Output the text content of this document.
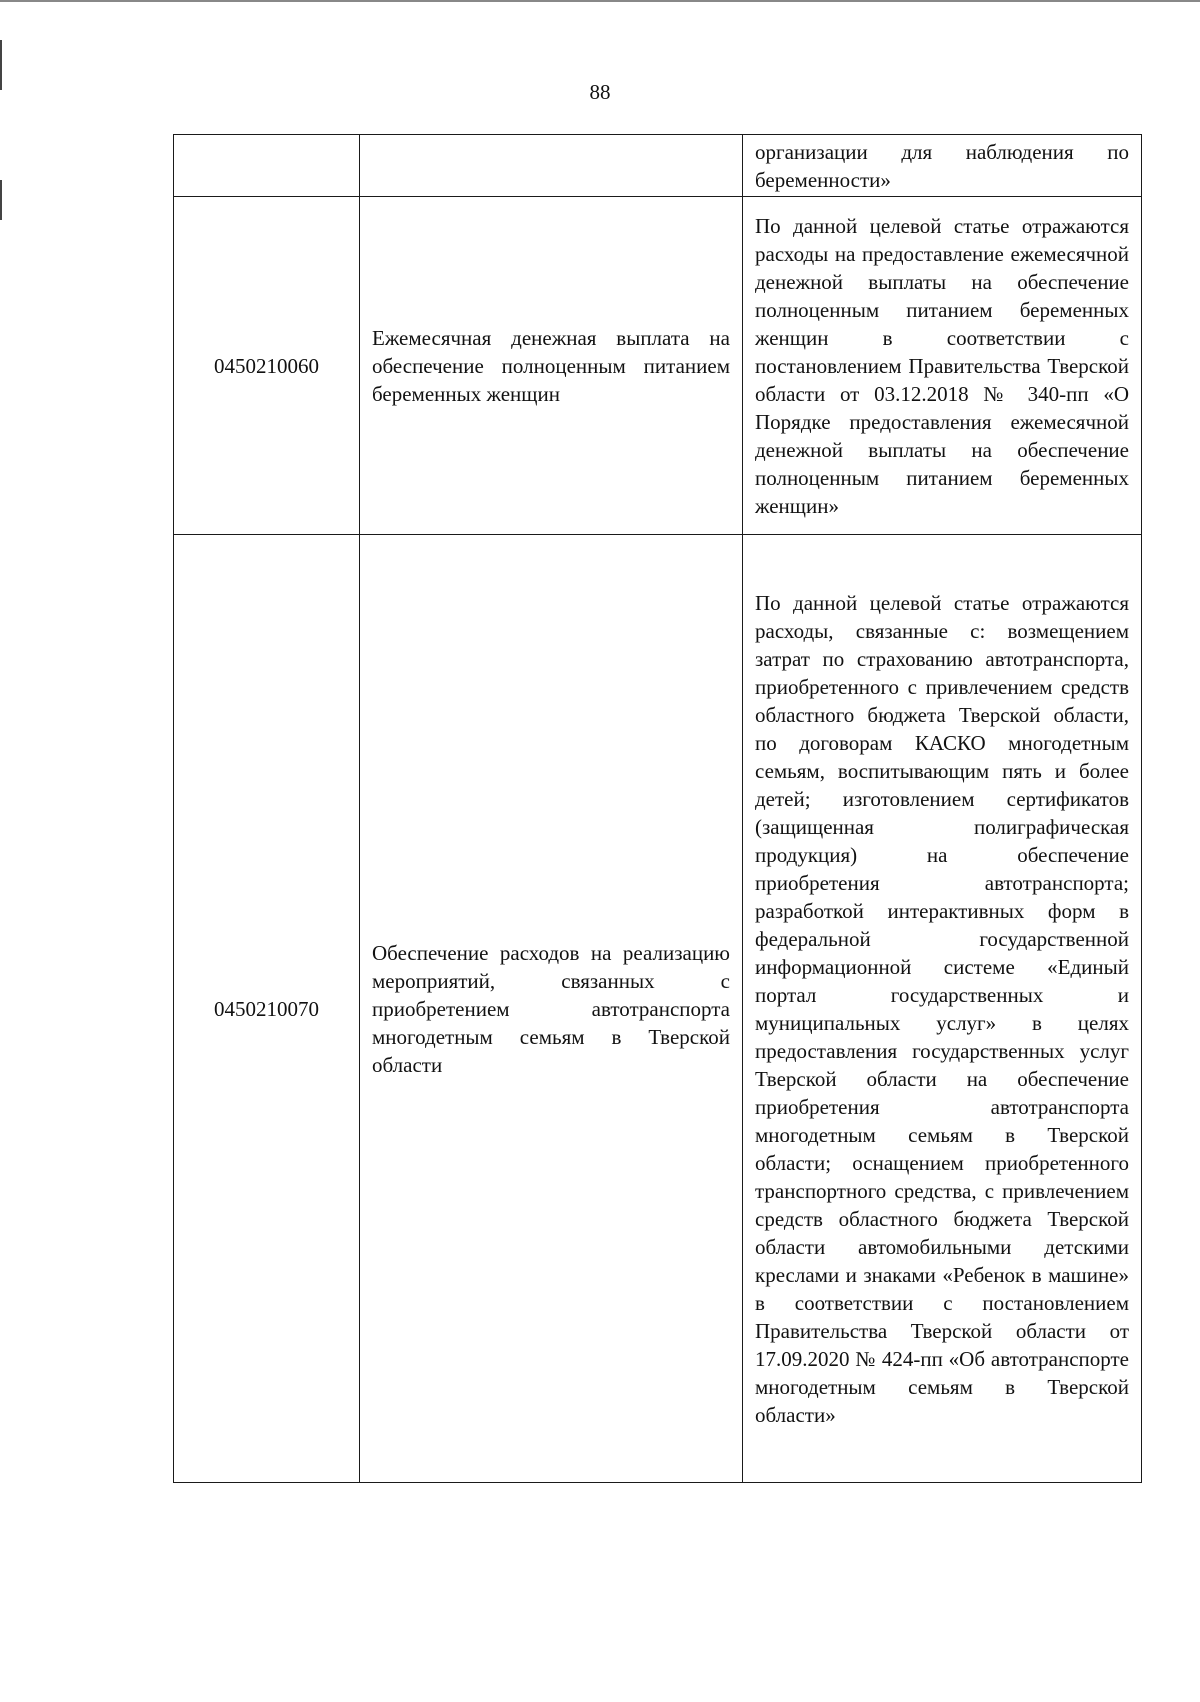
88
		организации для наблюдения по беременности»
0450210060	Ежемесячная денежная выплата на обеспечение полноценным питанием беременных женщин	По данной целевой статье отражаются расходы на предоставление ежемесячной денежной выплаты на обеспечение полноценным питанием беременных женщин в соответствии с постановлением Правительства Тверской области от 03.12.2018 № 340-пп «О Порядке предоставления ежемесячной денежной выплаты на обеспечение полноценным питанием беременных женщин»
0450210070	Обеспечение расходов на реализацию мероприятий, связанных с приобретением автотранспорта многодетным семьям в Тверской области	По данной целевой статье отражаются расходы, связанные с: возмещением затрат по страхованию автотранспорта, приобретенного с привлечением средств областного бюджета Тверской области, по договорам КАСКО многодетным семьям, воспитывающим пять и более детей; изготовлением сертификатов (защищенная полиграфическая продукция) на обеспечение приобретения автотранспорта; разработкой интерактивных форм в федеральной государственной информационной системе «Единый портал государственных и муниципальных услуг» в целях предоставления государственных услуг Тверской области на обеспечение приобретения автотранспорта многодетным семьям в Тверской области; оснащением приобретенного транспортного средства, с привлечением средств областного бюджета Тверской области автомобильными детскими креслами и знаками «Ребенок в машине» в соответствии с постановлением Правительства Тверской области от 17.09.2020 № 424-пп «Об автотранспорте многодетным семьям в Тверской области»
